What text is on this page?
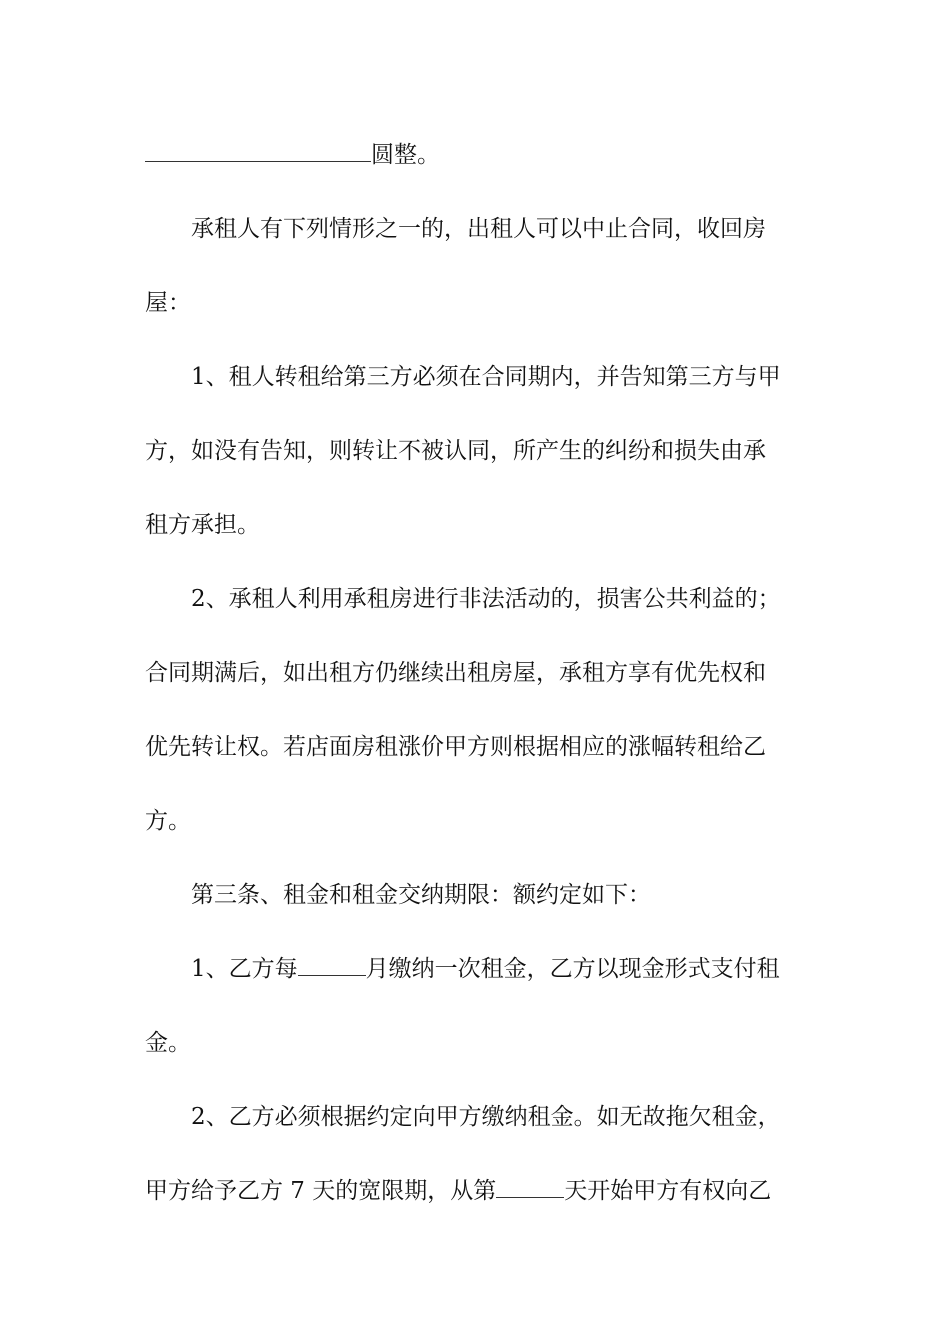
圆整。
承租人有下列情形之一的，出租人可以中止合同，收回房
屋：
1、租人转租给第三方必须在合同期内，并告知第三方与甲
方，如没有告知，则转让不被认同，所产生的纠纷和损失由承
租方承担。
2、承租人利用承租房进行非法活动的，损害公共利益的；
合同期满后，如出租方仍继续出租房屋，承租方享有优先权和
优先转让权。若店面房租涨价甲方则根据相应的涨幅转租给乙
方。
第三条、租金和租金交纳期限：额约定如下：
1、乙方每	月缴纳一次租金，乙方以现金形式支付租
金。
2、乙方必须根据约定向甲方缴纳租金。如无故拖欠租金，
甲方给予乙方 7 天的宽限期，从第	天开始甲方有权向乙
